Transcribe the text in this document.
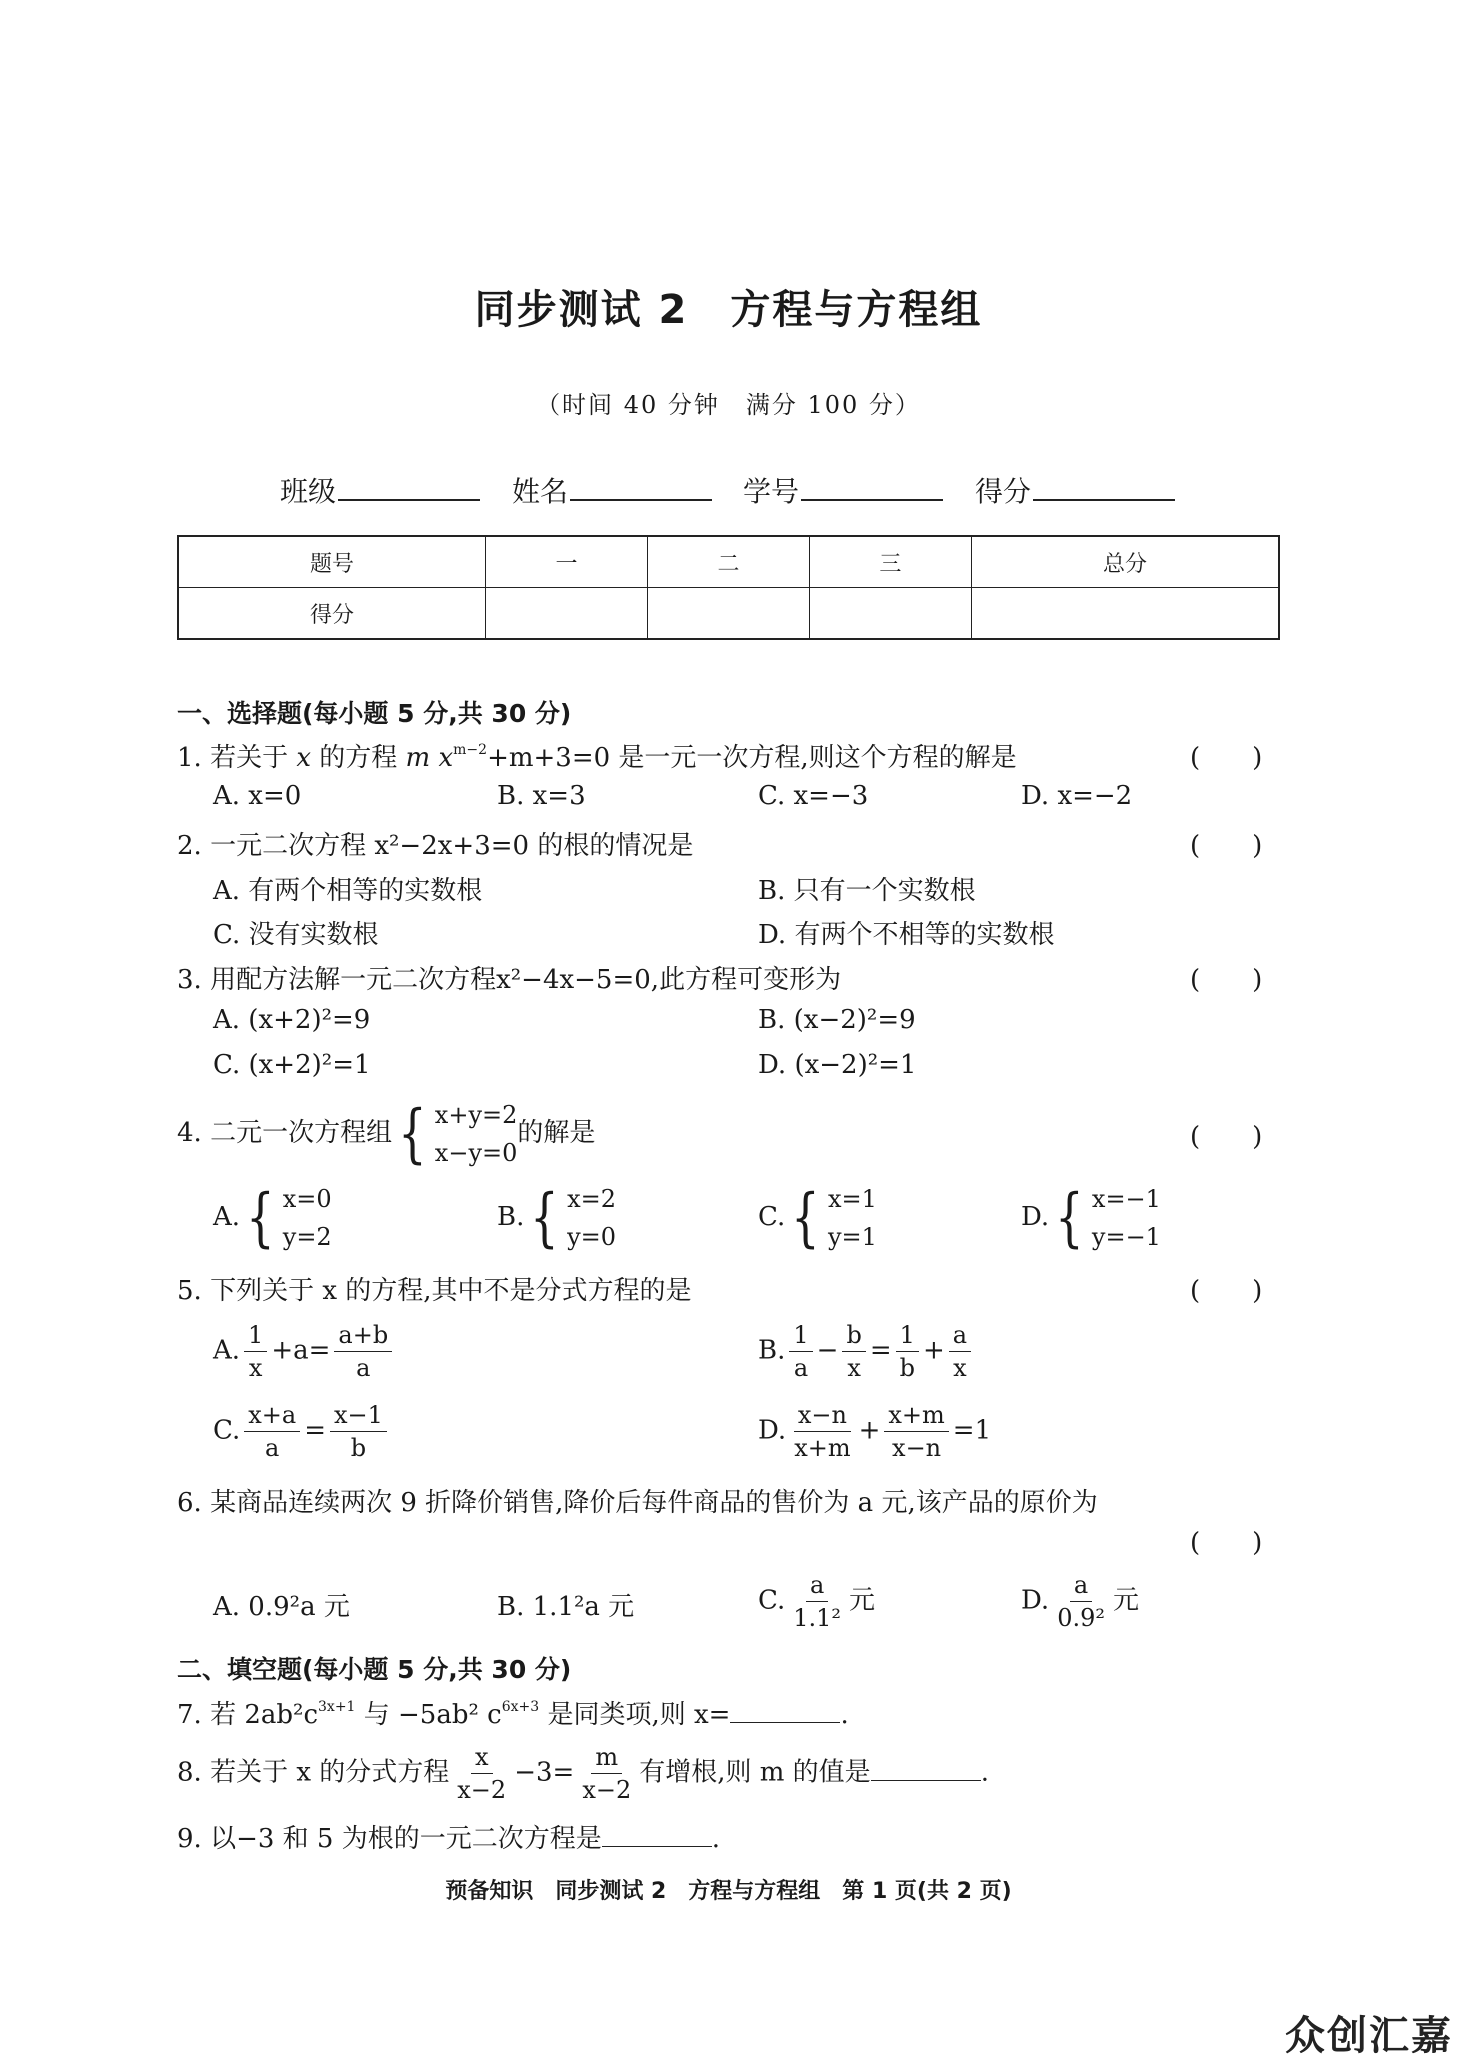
同步测试 2　方程与方程组
（时间 40 分钟　满分 100 分）
班级	姓名	学号	得分
题号	一	二	三	总分
得分				
一、选择题(每小题 5 分,共 30 分)
1. 若关于 x 的方程 m $x^{m-2}+m+3=0$ 是一元一次方程,则这个方程的解是	(　　)
A. x=0	B. x=3	C. x=−3	D. x=−2
2. 一元二次方程 x²−2x+3=0 的根的情况是	(　　)
A. 有两个相等的实数根	B. 只有一个实数根
C. 没有实数根	D. 有两个不相等的实数根
3. 用配方法解一元二次方程x²−4x−5=0,此方程可变形为	(　　)
A. (x+2)²=9	B. (x−2)²=9
C. (x+2)²=1	D. (x−2)²=1
4. 二元一次方程组 { x+y=2
x−y=0
的解是	(　　)
A. { x=0
y=2
B. { x=2
y=0
C. { x=1
y=1
D. { x=−1
y=−1
5. 下列关于 x 的方程,其中不是分式方程的是	(　　)
A. $\frac{1}{x} +a= \frac{a+b}{a}$	B. $\frac{1}{a} - \frac{b}{x} = \frac{1}{b} + \frac{a}{x}$
C. $\frac{x+a}{a} = \frac{x-1}{b}$	D. $\frac{x-n}{x+m} + \frac{x+m}{x-n} =1$
6. 某商品连续两次 9 折降价销售,降价后每件商品的售价为 a 元,该产品的原价为
(　　)
A. 0.9²a 元	B. 1.1²a 元	C. $\frac{a}{\text{1.1²}}$ 元	D. $\frac{a}{\text{0.9²}}$ 元
二、填空题(每小题 5 分,共 30 分)
7. 若 $2ab^2c^{3x+1}$ 与 −5ab² $c^{6x+3}$ 是同类项,则 x=	.
8. 若关于 x 的分式方程 $\frac{x}{x-2} -3= \frac{m}{x-2}$ 有增根,则 m 的值是	.
9. 以−3 和 5 为根的一元二次方程是	.
预备知识　同步测试 2　方程与方程组　第 1 页(共 2 页)
众创汇嘉
